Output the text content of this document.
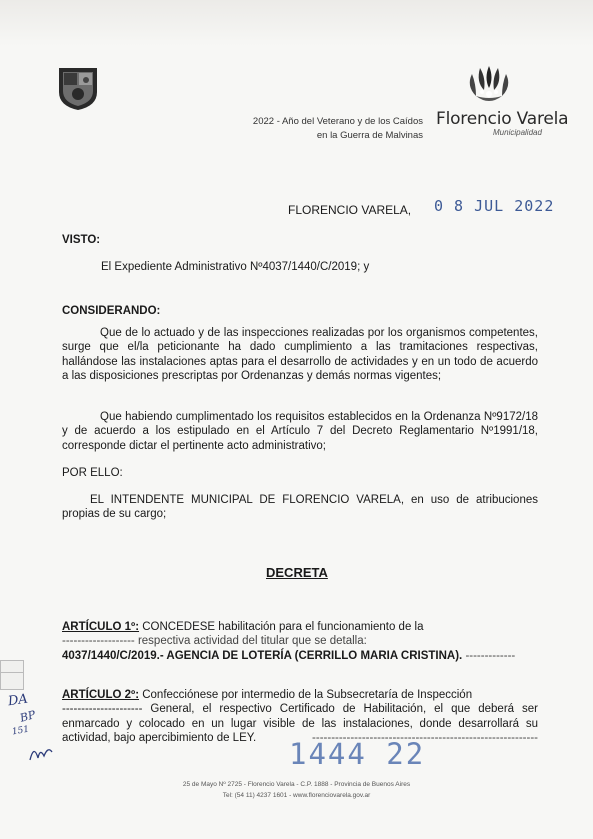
Florencio Varela
Municipalidad
2022 - Año del Veterano y de los Caídos
en la Guerra de Malvinas
FLORENCIO VARELA, 0 8 JUL 2022
VISTO:
El Expediente Administrativo Nº4037/1440/C/2019; y
CONSIDERANDO:
Que de lo actuado y de las inspecciones realizadas por los organismos competentes, surge que el/la peticionante ha dado cumplimiento a las tramitaciones respectivas, hallándose las instalaciones aptas para el desarrollo de actividades y en un todo de acuerdo a las disposiciones prescriptas por Ordenanzas y demás normas vigentes;
Que habiendo cumplimentado los requisitos establecidos en la Ordenanza Nº9172/18 y de acuerdo a los estipulado en el Artículo 7 del Decreto Reglamentario Nº1991/18, corresponde dictar el pertinente acto administrativo;
POR ELLO:
EL INTENDENTE MUNICIPAL DE FLORENCIO VARELA, en uso de atribuciones propias de su cargo;
DECRETA
ARTÍCULO 1º: CONCEDESE habilitación para el funcionamiento de la
------------------- respectiva actividad del titular que se detalla:
4037/1440/C/2019.- AGENCIA DE LOTERÍA (CERRILLO MARIA CRISTINA). -------------
ARTÍCULO 2º: Confecciónese por intermedio de la Subsecretaría de Inspección
--------------------- General, el respectivo Certificado de Habilitación, el que deberá ser enmarcado y colocado en un lugar visible de las instalaciones, donde desarrollará su actividad, bajo apercibimiento de LEY.	-----------------------------------------------------------
1444 22
25 de Mayo Nº 2725 - Florencio Varela - C.P. 1888 - Provincia de Buenos Aires
Tel: (54 11) 4237 1601 - www.florenciovarela.gov.ar
DA
BP
151
